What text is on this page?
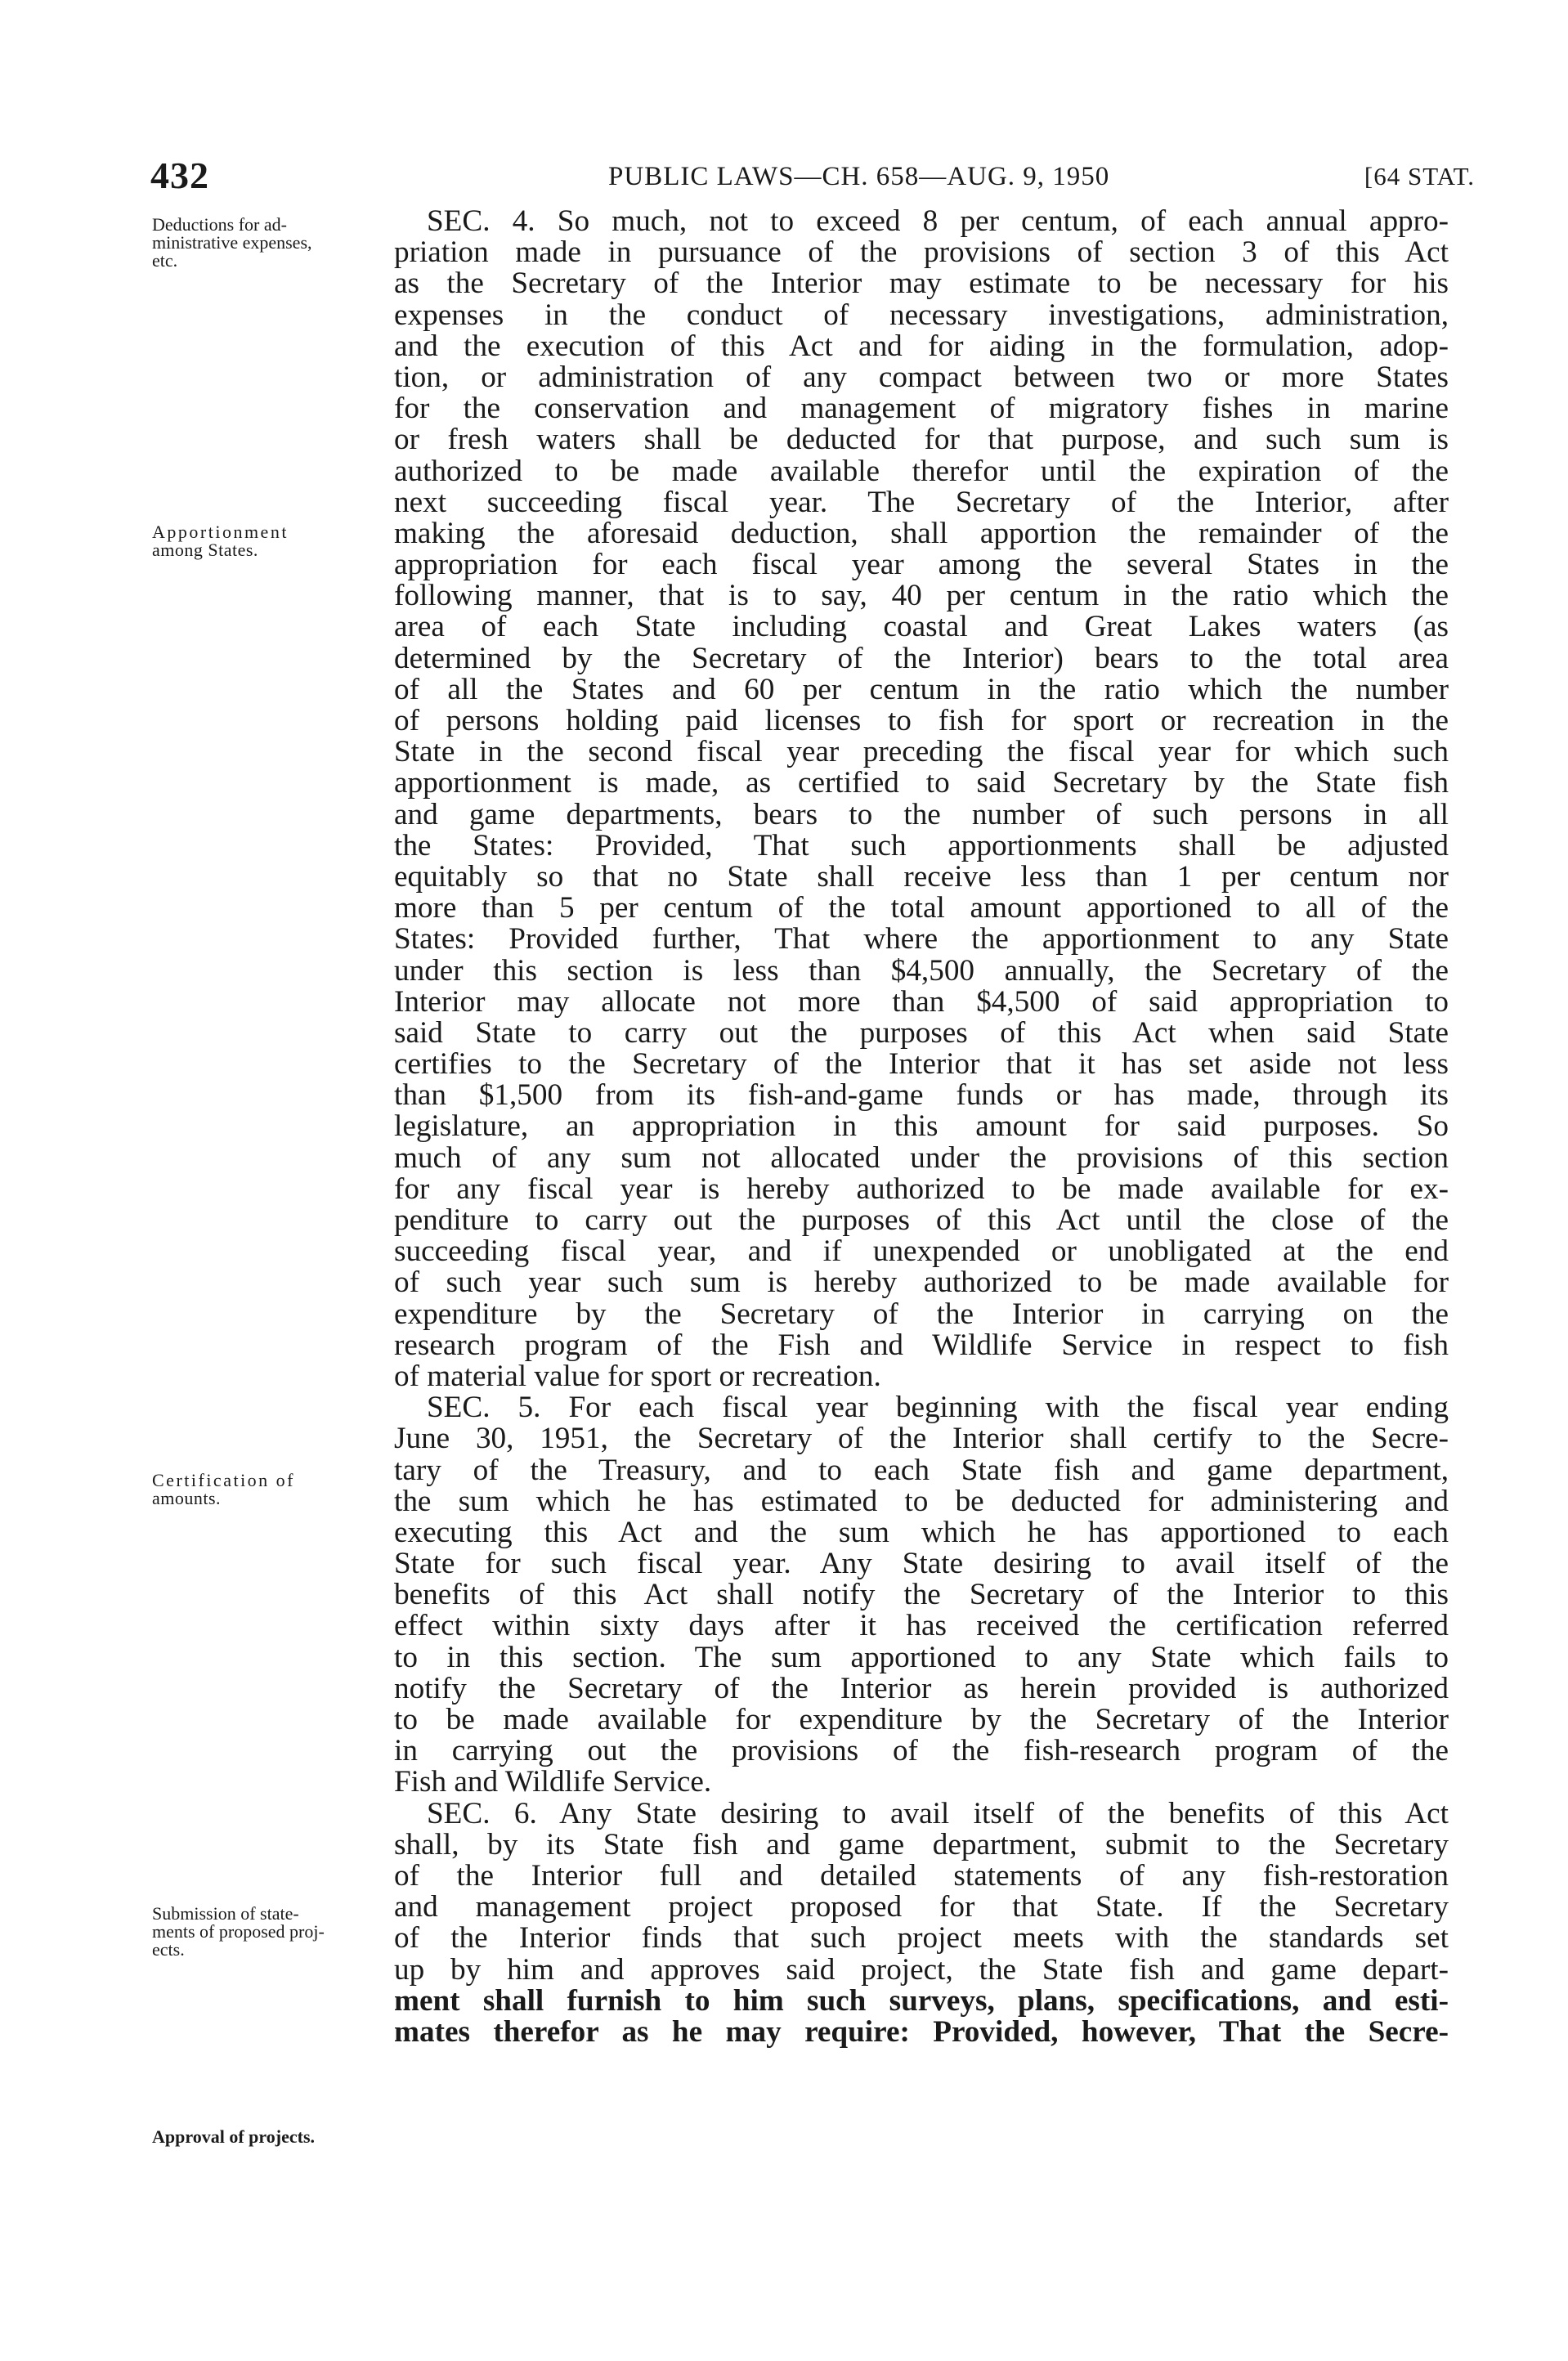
432	PUBLIC LAWS—CH. 658—AUG. 9, 1950	[64 STAT.
Deductions for ad-
ministrative expenses,
etc.
Apportionment
among States.
Certification of
amounts.
Submission of state-
ments of proposed proj-
ects.
Approval of projects.
SEC. 4. So much, not to exceed 8 per centum, of each annual appro-
priation made in pursuance of the provisions of section 3 of this Act
as the Secretary of the Interior may estimate to be necessary for his
expenses in the conduct of necessary investigations, administration,
and the execution of this Act and for aiding in the formulation, adop-
tion, or administration of any compact between two or more States
for the conservation and management of migratory fishes in marine
or fresh waters shall be deducted for that purpose, and such sum is
authorized to be made available therefor until the expiration of the
next succeeding fiscal year. The Secretary of the Interior, after
making the aforesaid deduction, shall apportion the remainder of the
appropriation for each fiscal year among the several States in the
following manner, that is to say, 40 per centum in the ratio which the
area of each State including coastal and Great Lakes waters (as
determined by the Secretary of the Interior) bears to the total area
of all the States and 60 per centum in the ratio which the number
of persons holding paid licenses to fish for sport or recreation in the
State in the second fiscal year preceding the fiscal year for which such
apportionment is made, as certified to said Secretary by the State fish
and game departments, bears to the number of such persons in all
the States: Provided, That such apportionments shall be adjusted
equitably so that no State shall receive less than 1 per centum nor
more than 5 per centum of the total amount apportioned to all of the
States: Provided further, That where the apportionment to any State
under this section is less than $4,500 annually, the Secretary of the
Interior may allocate not more than $4,500 of said appropriation to
said State to carry out the purposes of this Act when said State
certifies to the Secretary of the Interior that it has set aside not less
than $1,500 from its fish-and-game funds or has made, through its
legislature, an appropriation in this amount for said purposes. So
much of any sum not allocated under the provisions of this section
for any fiscal year is hereby authorized to be made available for ex-
penditure to carry out the purposes of this Act until the close of the
succeeding fiscal year, and if unexpended or unobligated at the end
of such year such sum is hereby authorized to be made available for
expenditure by the Secretary of the Interior in carrying on the
research program of the Fish and Wildlife Service in respect to fish
of material value for sport or recreation.
SEC. 5. For each fiscal year beginning with the fiscal year ending
June 30, 1951, the Secretary of the Interior shall certify to the Secre-
tary of the Treasury, and to each State fish and game department,
the sum which he has estimated to be deducted for administering and
executing this Act and the sum which he has apportioned to each
State for such fiscal year. Any State desiring to avail itself of the
benefits of this Act shall notify the Secretary of the Interior to this
effect within sixty days after it has received the certification referred
to in this section. The sum apportioned to any State which fails to
notify the Secretary of the Interior as herein provided is authorized
to be made available for expenditure by the Secretary of the Interior
in carrying out the provisions of the fish-research program of the
Fish and Wildlife Service.
SEC. 6. Any State desiring to avail itself of the benefits of this Act
shall, by its State fish and game department, submit to the Secretary
of the Interior full and detailed statements of any fish-restoration
and management project proposed for that State. If the Secretary
of the Interior finds that such project meets with the standards set
up by him and approves said project, the State fish and game depart-
ment shall furnish to him such surveys, plans, specifications, and esti-
mates therefor as he may require: Provided, however, That the Secre-
